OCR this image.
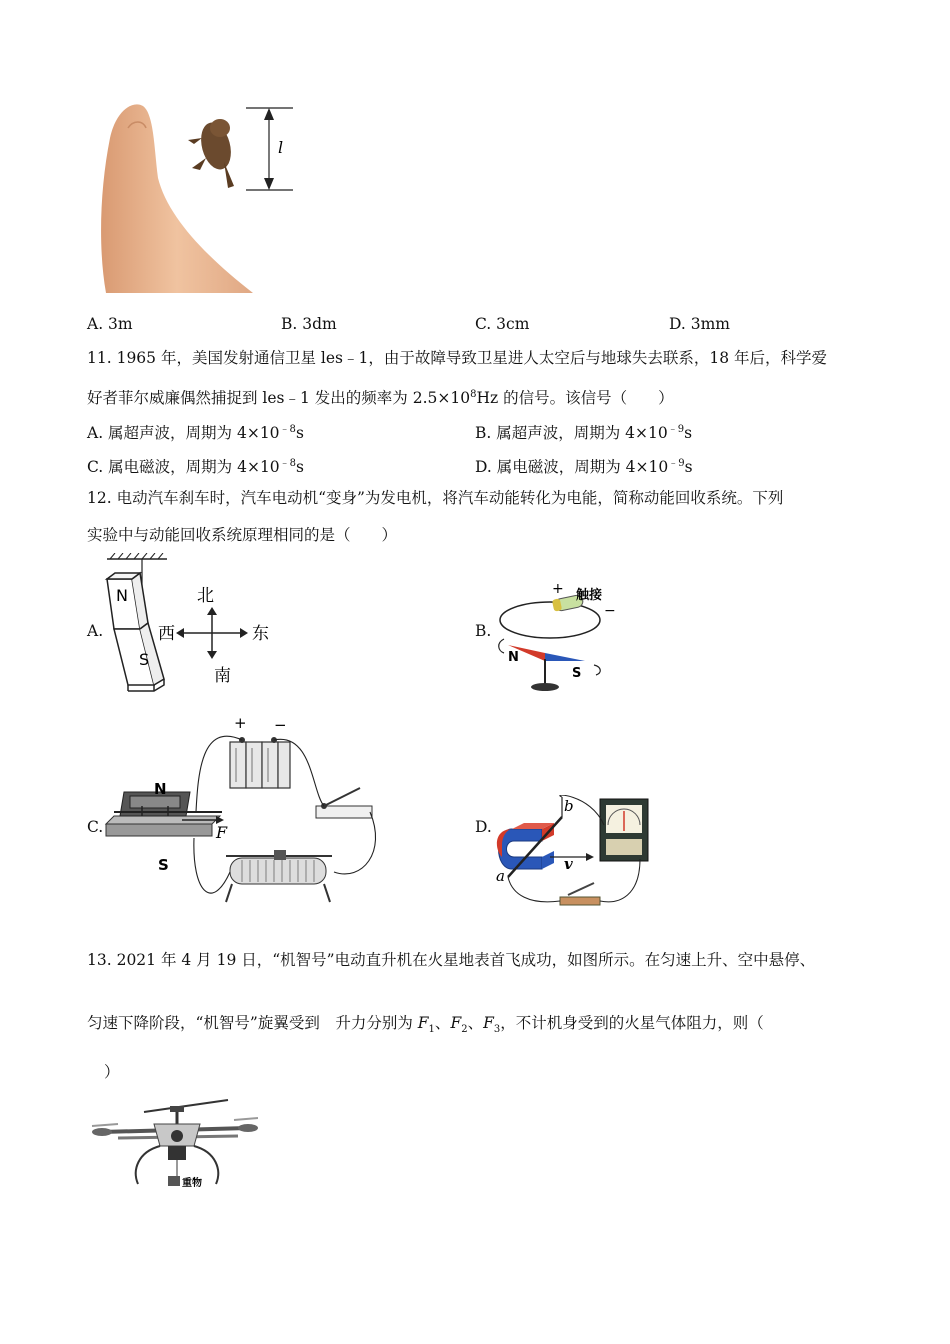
l
A. 3m	B. 3dm	C. 3cm	D. 3mm
11. 1965 年，美国发射通信卫星 les﹣1，由于故障导致卫星进人太空后与地球失去联系，18 年后，科学爱
好者菲尔威廉偶然捕捉到 les﹣1 发出的频率为 $2.5\times 10^8Hz$ 的信号。该信号（　　）
A. 属超声波，周期为 $4\times 10^{﹣8}s$	B. 属超声波，周期为 $4\times 10^{﹣9}s$
C. 属电磁波，周期为 $4\times 10^{﹣8}s$	D. 属电磁波，周期为 $4\times 10^{﹣9}s$
12. 电动汽车刹车时，汽车电动机“变身”为发电机，将汽车动能转化为电能，简称动能回收系统。下列
实验中与动能回收系统原理相同的是（　　）
A.
N
S
北
南
西	东	B.
+ 触接
−
N
S
C.
+ −
N
S
F	D.
b
a
v
13. 2021 年 4 月 19 日，“机智号”电动直升机在火星地表首飞成功，如图所示。在匀速上升、空中悬停、
匀速下降阶段，“机智号”旋翼受到　升力分别为 $F_1$、$F_2$、$F_3$，不计机身受到的火星气体阻力，则（
）
重物
